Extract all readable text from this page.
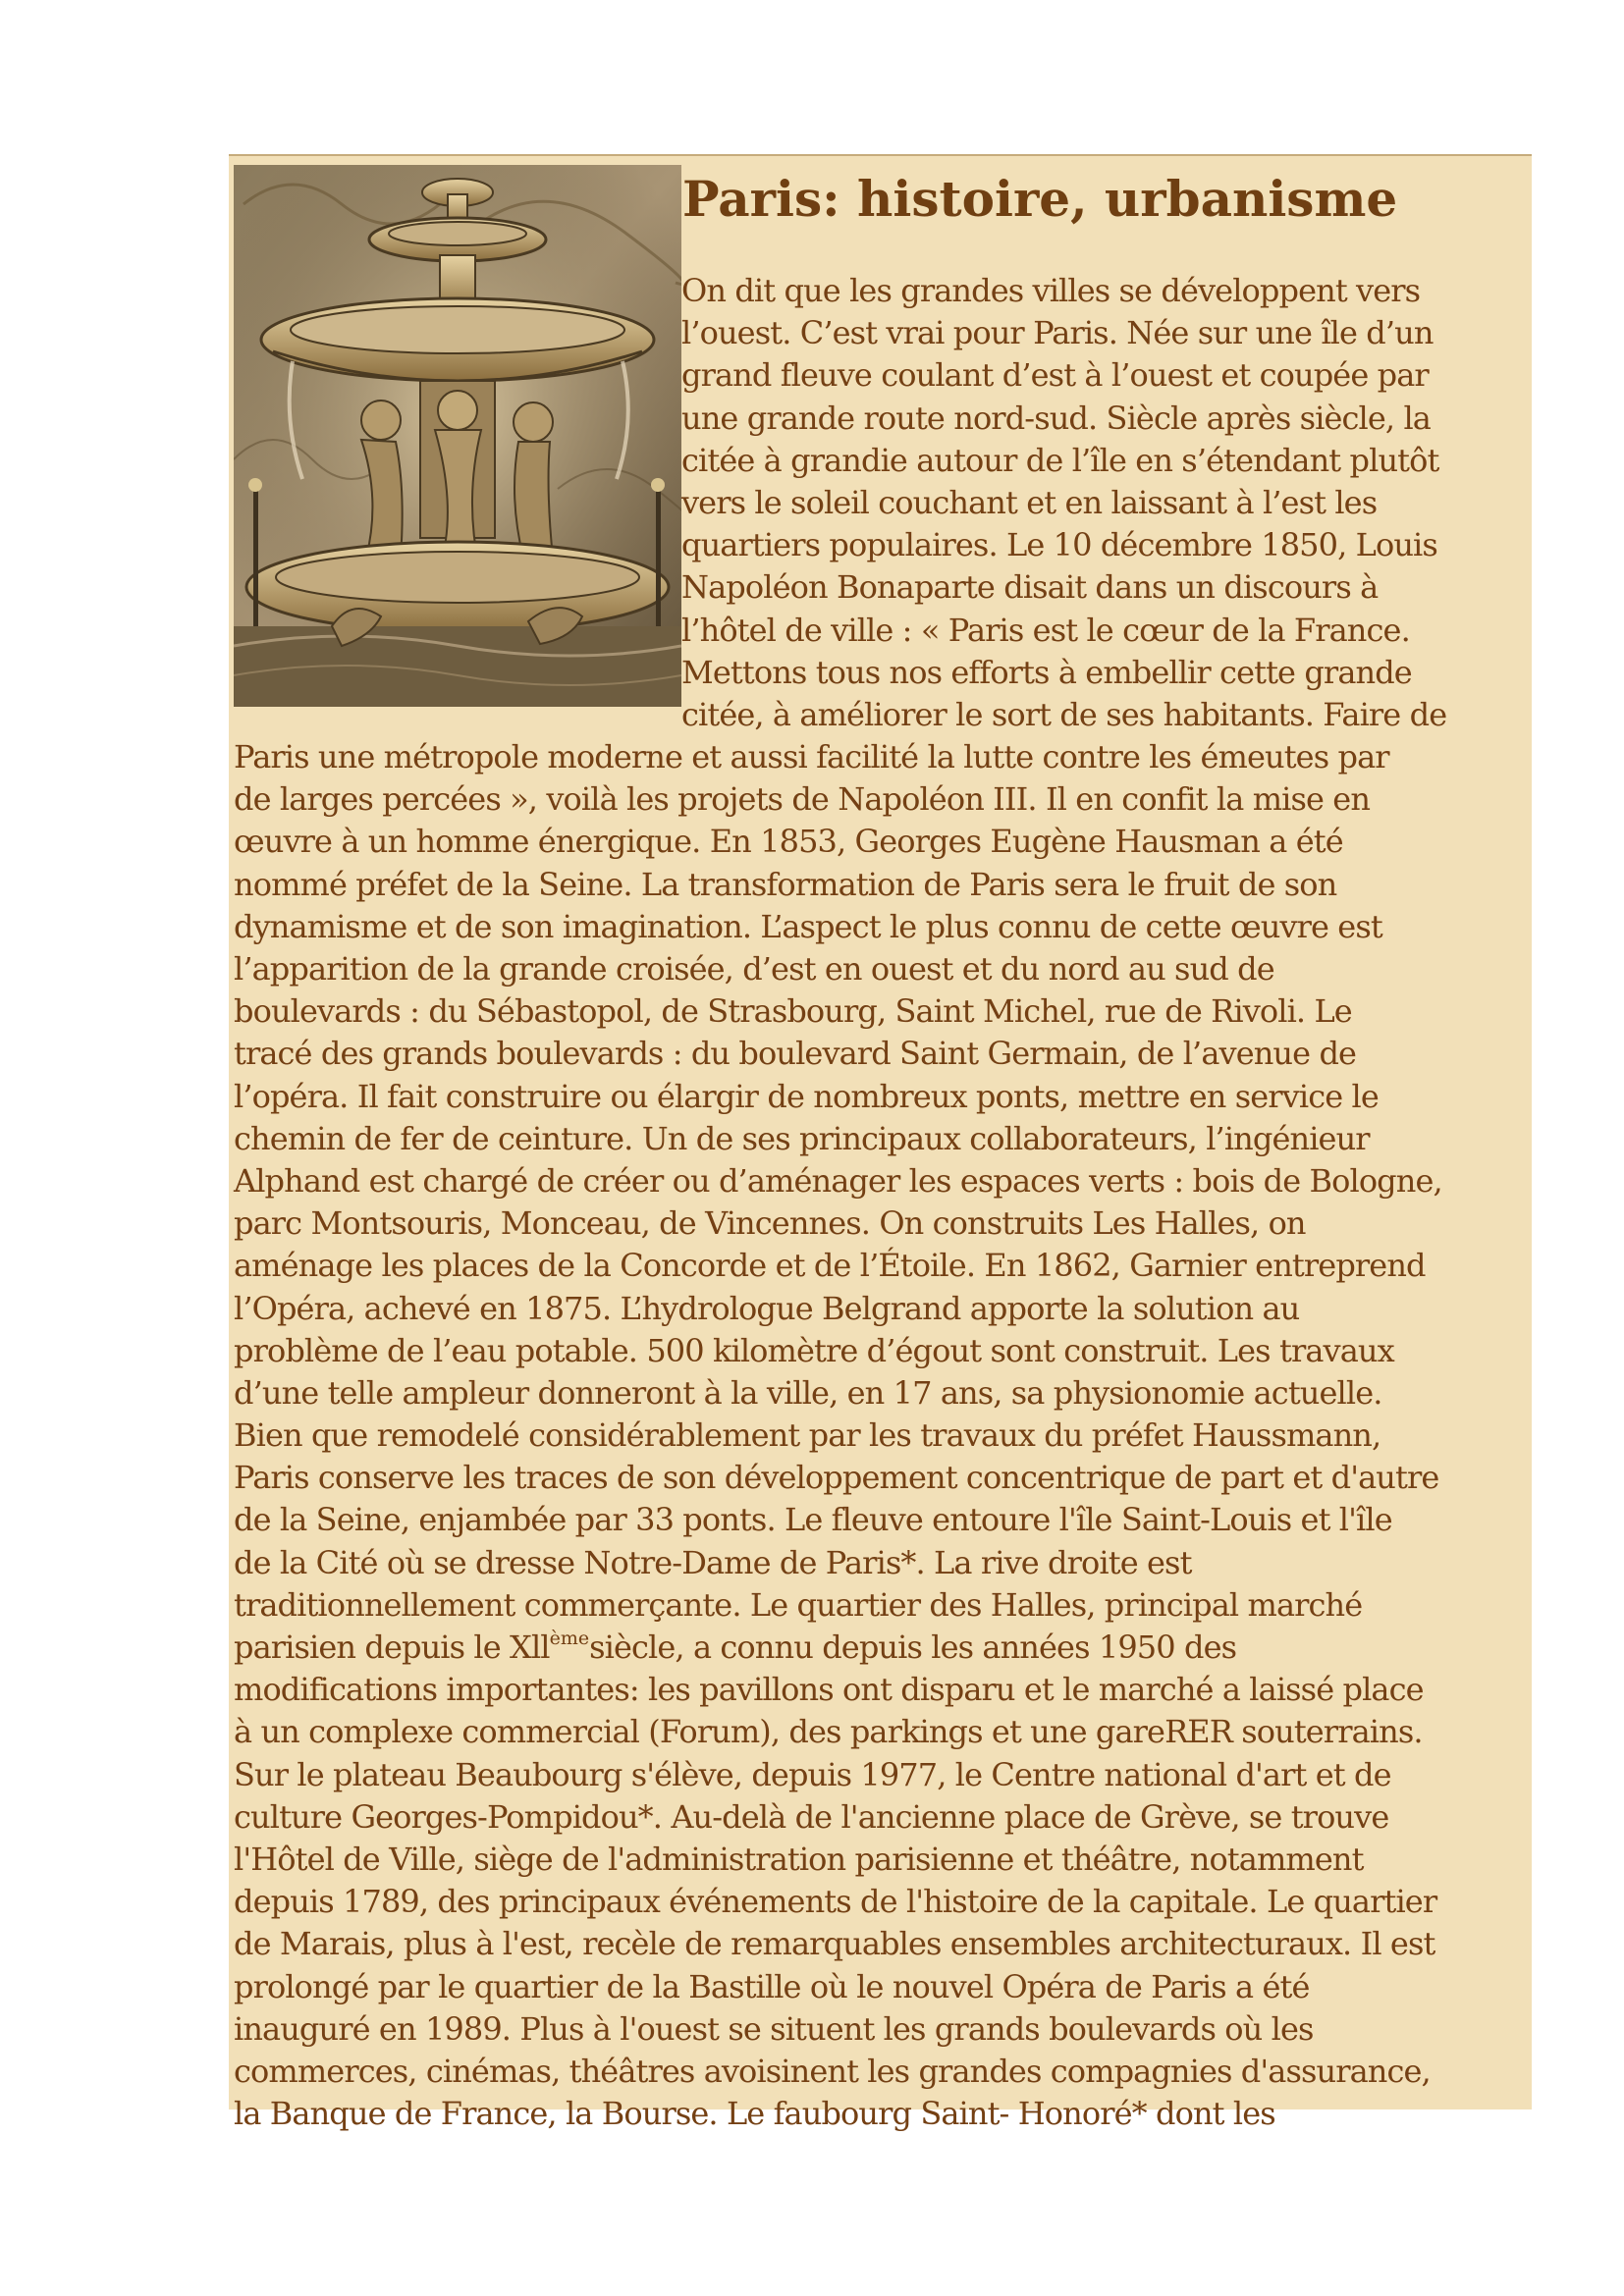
Paris: histoire, urbanisme
On dit que les grandes villes se développent vers
l’ouest. C’est vrai pour Paris. Née sur une île d’un
grand fleuve coulant d’est à l’ouest et coupée par
une grande route nord-sud. Siècle après siècle, la
citée à grandie autour de l’île en s’étendant plutôt
vers le soleil couchant et en laissant à l’est les
quartiers populaires. Le 10 décembre 1850, Louis
Napoléon Bonaparte disait dans un discours à
l’hôtel de ville : « Paris est le cœur de la France.
Mettons tous nos efforts à embellir cette grande
citée, à améliorer le sort de ses habitants. Faire de
Paris une métropole moderne et aussi facilité la lutte contre les émeutes par
de larges percées », voilà les projets de Napoléon III. Il en confit la mise en
œuvre à un homme énergique. En 1853, Georges Eugène Hausman a été
nommé préfet de la Seine. La transformation de Paris sera le fruit de son
dynamisme et de son imagination. L’aspect le plus connu de cette œuvre est
l’apparition de la grande croisée, d’est en ouest et du nord au sud de
boulevards : du Sébastopol, de Strasbourg, Saint Michel, rue de Rivoli. Le
tracé des grands boulevards : du boulevard Saint Germain, de l’avenue de
l’opéra. Il fait construire ou élargir de nombreux ponts, mettre en service le
chemin de fer de ceinture. Un de ses principaux collaborateurs, l’ingénieur
Alphand est chargé de créer ou d’aménager les espaces verts : bois de Bologne,
parc Montsouris, Monceau, de Vincennes. On construits Les Halles, on
aménage les places de la Concorde et de l’Étoile. En 1862, Garnier entreprend
l’Opéra, achevé en 1875. L’hydrologue Belgrand apporte la solution au
problème de l’eau potable. 500 kilomètre d’égout sont construit. Les travaux
d’une telle ampleur donneront à la ville, en 17 ans, sa physionomie actuelle.
Bien que remodelé considérablement par les travaux du préfet Haussmann,
Paris conserve les traces de son développement concentrique de part et d'autre
de la Seine, enjambée par 33 ponts. Le fleuve entoure l'île Saint-Louis et l'île
de la Cité où se dresse Notre-Dame de Paris*. La rive droite est
traditionnellement commerçante. Le quartier des Halles, principal marché
parisien depuis le Xll$^{ème}$siècle, a connu depuis les années 1950 des
modifications importantes: les pavillons ont disparu et le marché a laissé place
à un complexe commercial (Forum), des parkings et une gareRER souterrains.
Sur le plateau Beaubourg s'élève, depuis 1977, le Centre national d'art et de
culture Georges-Pompidou*. Au-delà de l'ancienne place de Grève, se trouve
l'Hôtel de Ville, siège de l'administration parisienne et théâtre, notamment
depuis 1789, des principaux événements de l'histoire de la capitale. Le quartier
de Marais, plus à l'est, recèle de remarquables ensembles architecturaux. Il est
prolongé par le quartier de la Bastille où le nouvel Opéra de Paris a été
inauguré en 1989. Plus à l'ouest se situent les grands boulevards où les
commerces, cinémas, théâtres avoisinent les grandes compagnies d'assurance,
la Banque de France, la Bourse. Le faubourg Saint- Honoré* dont les
